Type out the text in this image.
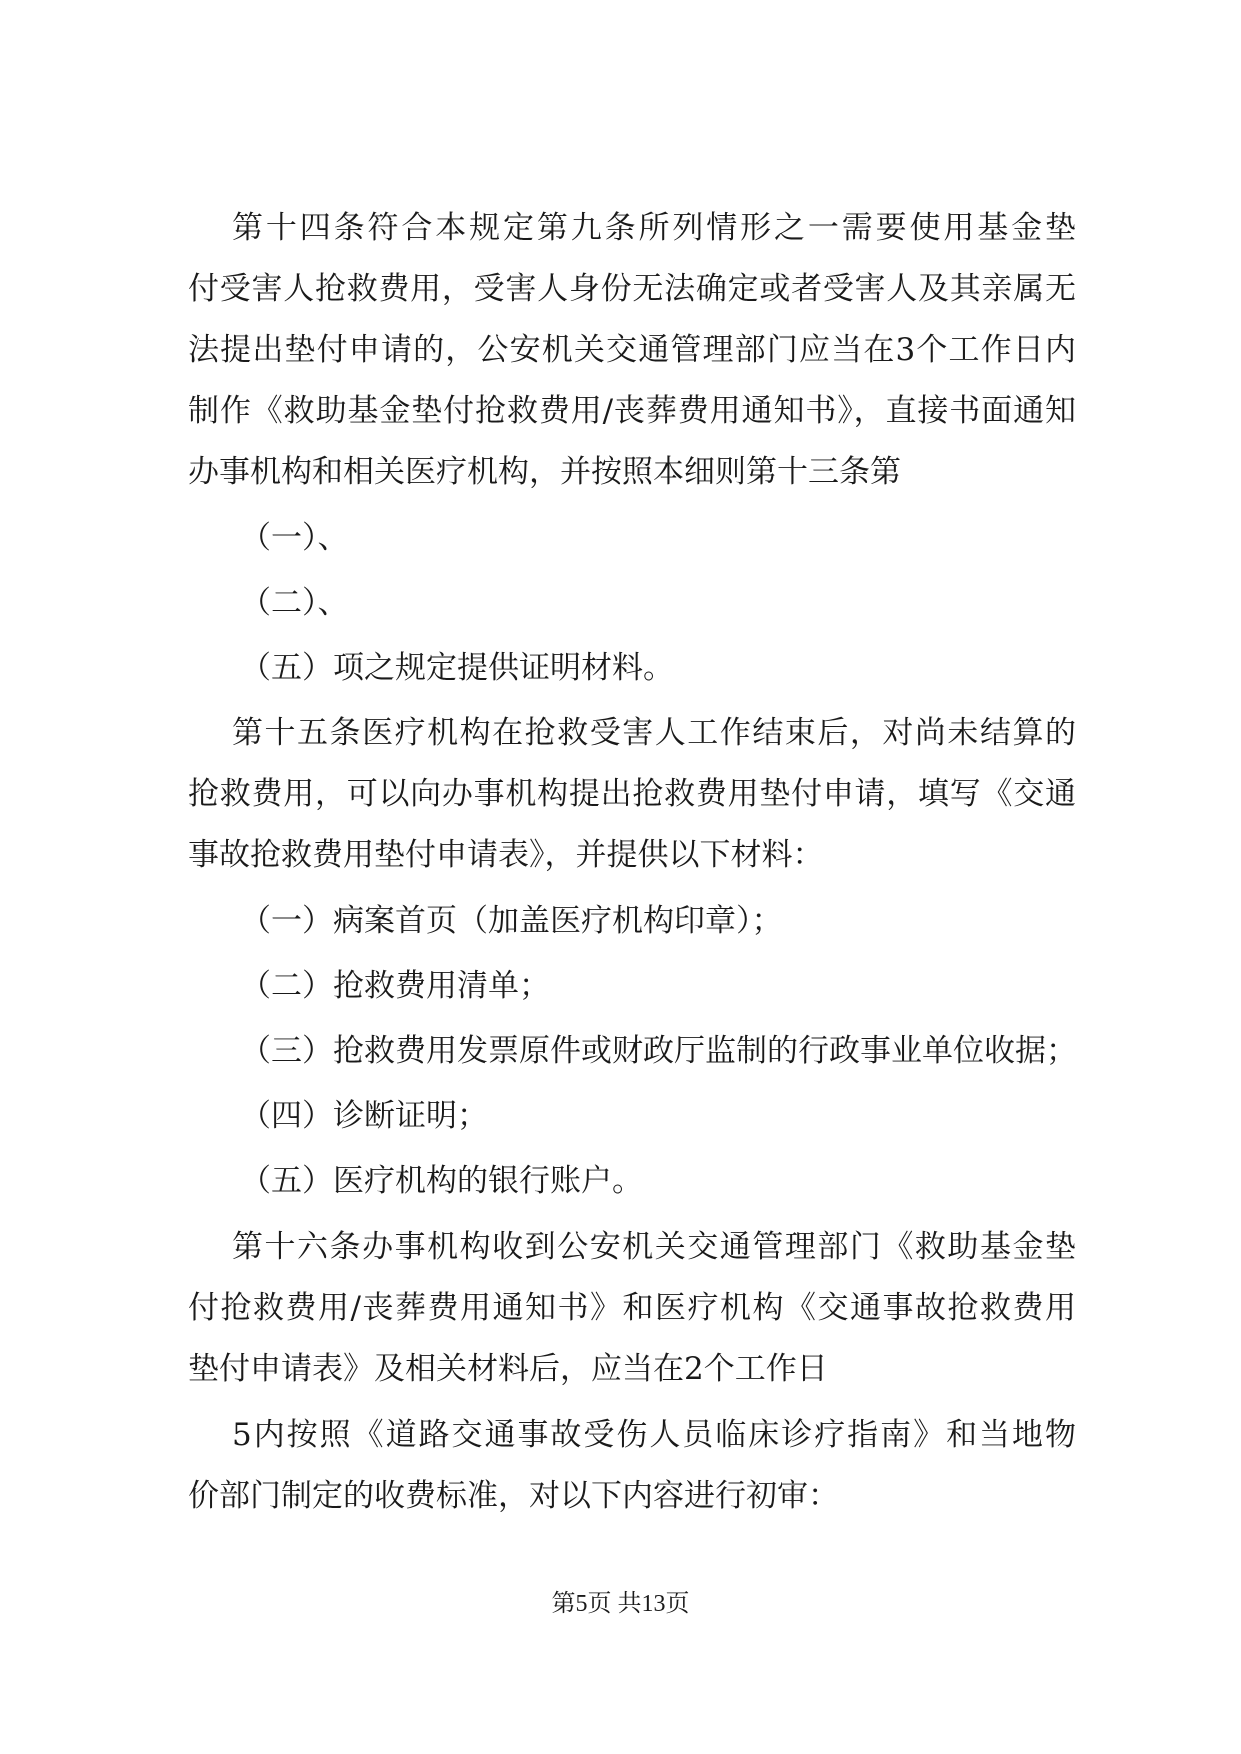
第十四条符合本规定第九条所列情形之一需要使用基金垫
付受害人抢救费用，受害人身份无法确定或者受害人及其亲属无
法提出垫付申请的，公安机关交通管理部门应当在3个工作日内
制作《救助基金垫付抢救费用/丧葬费用通知书》，直接书面通知
办事机构和相关医疗机构，并按照本细则第十三条第
（一）、
（二）、
（五）项之规定提供证明材料。
第十五条医疗机构在抢救受害人工作结束后，对尚未结算的
抢救费用，可以向办事机构提出抢救费用垫付申请，填写《交通
事故抢救费用垫付申请表》，并提供以下材料：
（一）病案首页（加盖医疗机构印章）；
（二）抢救费用清单；
（三）抢救费用发票原件或财政厅监制的行政事业单位收据；
（四）诊断证明；
（五）医疗机构的银行账户。
第十六条办事机构收到公安机关交通管理部门《救助基金垫
付抢救费用/丧葬费用通知书》和医疗机构《交通事故抢救费用
垫付申请表》及相关材料后，应当在2个工作日
5内按照《道路交通事故受伤人员临床诊疗指南》和当地物
价部门制定的收费标准，对以下内容进行初审：
第5页 共13页
